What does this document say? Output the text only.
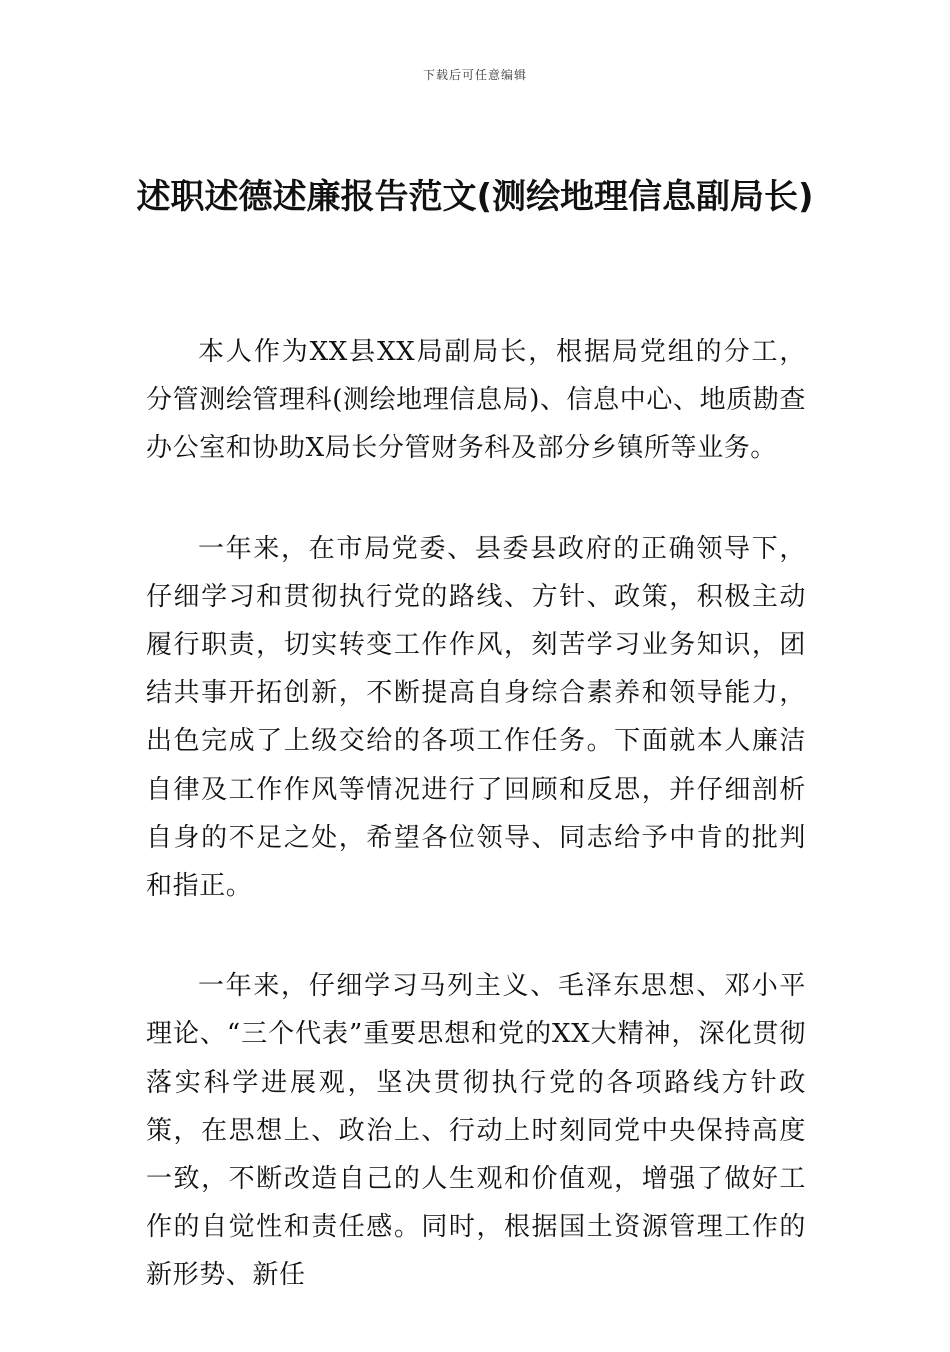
下载后可任意编辑
述职述德述廉报告范文(测绘地理信息副局长)

本人作为XX县XX局副局长，根据局党组的分工，分管测绘管理科(测绘地理信息局)、信息中心、地质勘查办公室和协助X局长分管财务科及部分乡镇所等业务。

一年来，在市局党委、县委县政府的正确领导下，仔细学习和贯彻执行党的路线、方针、政策，积极主动履行职责，切实转变工作作风，刻苦学习业务知识，团结共事开拓创新，不断提高自身综合素养和领导能力，出色完成了上级交给的各项工作任务。下面就本人廉洁自律及工作作风等情况进行了回顾和反思，并仔细剖析自身的不足之处，希望各位领导、同志给予中肯的批判和指正。

一年来，仔细学习马列主义、毛泽东思想、邓小平理论、“三个代表”重要思想和党的XX大精神，深化贯彻落实科学进展观，坚决贯彻执行党的各项路线方针政策，在思想上、政治上、行动上时刻同党中央保持高度一致，不断改造自己的人生观和价值观，增强了做好工作的自觉性和责任感。同时，根据国土资源管理工作的新形势、新任
